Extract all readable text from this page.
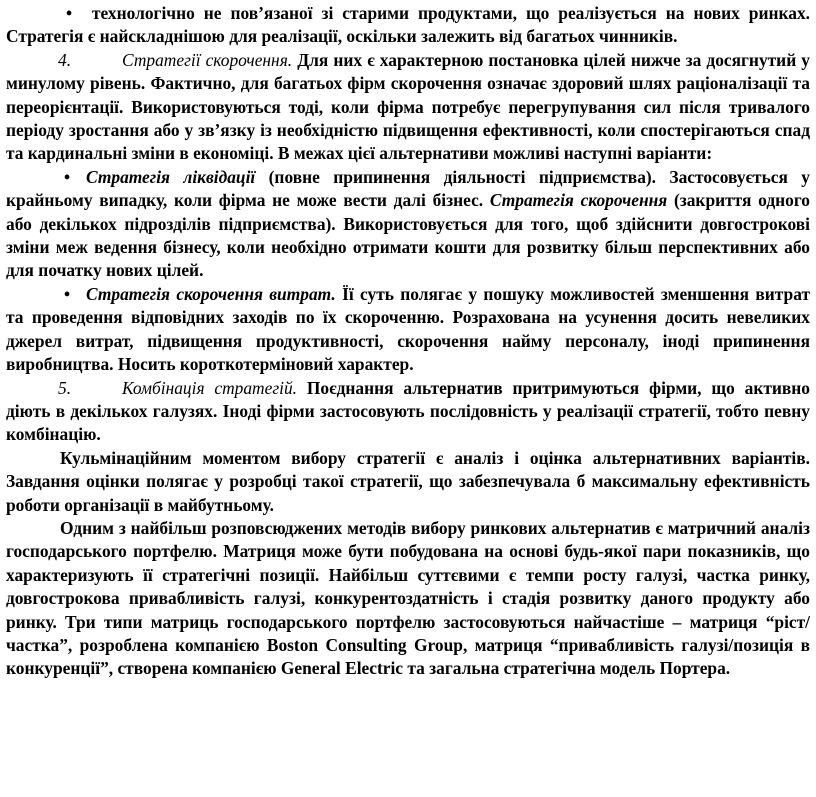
• технологічно не пов’язаної зі старими продуктами, що реалізується на нових ринках. Стратегія є найскладнішою для реалізації, оскільки залежить від багатьох чинників.

4.	Стратегії скорочення. Для них є характерною постановка цілей нижче за досягнутий у минулому рівень. Фактично, для багатьох фірм скорочення означає здоровий шлях раціоналізації та переорієнтації. Використовуються тоді, коли фірма потребує перегрупування сил після тривалого періоду зростання або у зв’язку із необхідністю підвищення ефективності, коли спостерігаються спад та кардинальні зміни в економіці. В межах цієї альтернативи можливі наступні варіанти:

• Стратегія ліквідації (повне припинення діяльності підприємства). Застосовується у крайньому випадку, коли фірма не може вести далі бізнес. Стратегія скорочення (закриття одного або декількох підрозділів підприємства). Використовується для того, щоб здійснити довгострокові зміни меж ведення бізнесу, коли необхідно отримати кошти для розвитку більш перспективних або для початку нових цілей.

• Стратегія скорочення витрат. Її суть полягає у пошуку можливостей зменшення витрат та проведення відповідних заходів по їх скороченню. Розрахована на усунення досить невеликих джерел витрат, підвищення продуктивності, скорочення найму персоналу, іноді припинення виробництва. Носить короткотерміновий характер.

5.	Комбінація стратегій. Поєднання альтернатив притримуються фірми, що активно діють в декількох галузях. Іноді фірми застосовують послідовність у реалізації стратегії, тобто певну комбінацію.

Кульмінаційним моментом вибору стратегії є аналіз і оцінка альтернативних варіантів. Завдання оцінки полягає у розробці такої стратегії, що забезпечувала б максимальну ефективність роботи організації в майбутньому.

Одним з найбільш розповсюджених методів вибору ринкових альтернатив є матричний аналіз господарського портфелю. Матриця може бути побудована на основі будь-якої пари показників, що характеризують її стратегічні позиції. Найбільш суттєвими є темпи росту галузі, частка ринку, довгострокова привабливість галузі, конкурентоздатність і стадія розвитку даного продукту або ринку. Три типи матриць господарського портфелю застосовуються найчастіше – матриця “ріст/частка”, розроблена компанією Boston Consulting Group, матриця “привабливість галузі/позиція в конкуренції”, створена компанією General Electric та загальна стратегічна модель Портера.
